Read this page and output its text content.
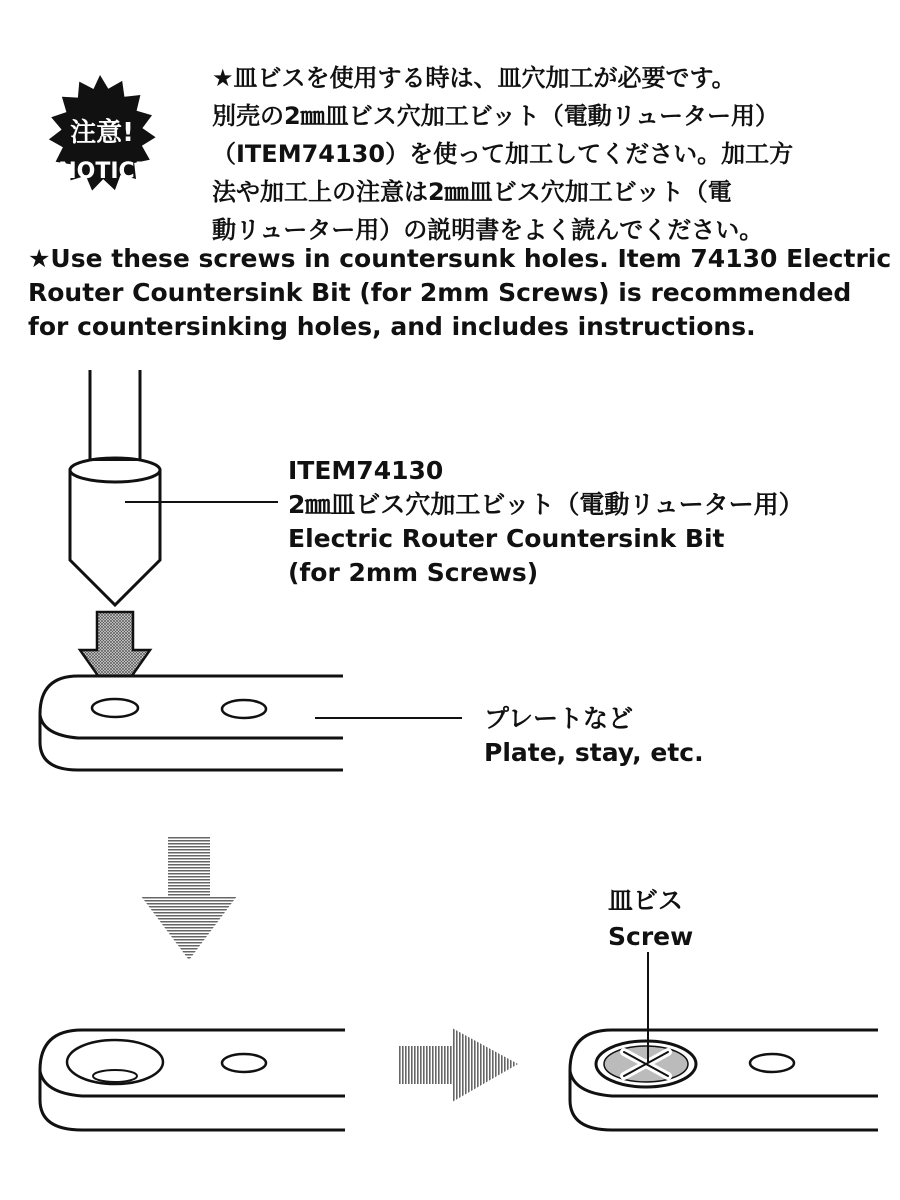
注意!
NOTICE
★皿ビスを使用する時は、皿穴加工が必要です。
別売の2㎜皿ビス穴加工ビット（電動リューター用）
（ITEM74130）を使って加工してください。加工方
法や加工上の注意は2㎜皿ビス穴加工ビット（電
動リューター用）の説明書をよく読んでください。
★Use these screws in countersunk holes. Item 74130 Electric
Router Countersink Bit (for 2mm Screws) is recommended
for countersinking holes, and includes instructions.
ITEM74130
2㎜皿ビス穴加工ビット（電動リューター用）
Electric Router Countersink Bit
(for 2mm Screws)
プレートなど
Plate, stay, etc.
皿ビス
Screw
